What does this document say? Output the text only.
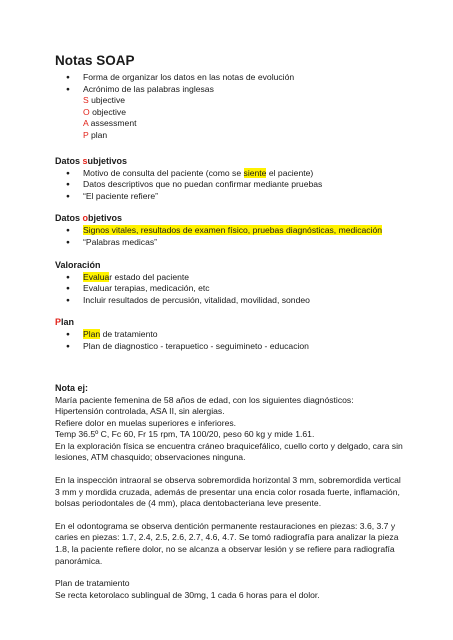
Notas SOAP
● Forma de organizar los datos en las notas de evolución
● Acrónimo de las palabras inglesas
S ubjective
O objective
A assessment
P plan
Datos subjetivos
● Motivo de consulta del paciente (como se siente el paciente)
● Datos descriptivos que no puedan confirmar mediante pruebas
● “El paciente refiere”
Datos objetivos
● Signos vitales, resultados de examen físico, pruebas diagnósticas, medicación
● “Palabras medicas”
Valoración
● Evaluar estado del paciente
● Evaluar terapias, medicación, etc
● Incluir resultados de percusión, vitalidad, movilidad, sondeo
Plan
● Plan de tratamiento
● Plan de diagnostico - terapuetico - seguimineto - educacion
Nota ej:

María paciente femenina de 58 años de edad, con los siguientes diagnósticos:

Hipertensión controlada, ASA II, sin alergias.

Refiere dolor en muelas superiores e inferiores.

Temp 36.5º C, Fc 60, Fr 15 rpm, TA 100/20, peso 60 kg y mide 1.61.

En la exploración física se encuentra cráneo braquicefálico, cuello corto y delgado, cara sin

lesiones, ATM chasquido; observaciones ninguna.

En la inspección intraoral se observa sobremordida horizontal 3 mm, sobremordida vertical

3 mm y mordida cruzada, además de presentar una encia color rosada fuerte, inflamación,

bolsas periodontales de (4 mm), placa dentobacteriana leve presente.

En el odontograma se observa dentición permanente restauraciones en piezas: 3.6, 3.7 y

caries en piezas: 1.7, 2.4, 2.5, 2.6, 2.7, 4.6, 4.7. Se tomó radiografía para analizar la pieza

1.8, la paciente refiere dolor, no se alcanza a observar lesión y se refiere para radiografía

panorámica.

Plan de tratamiento

Se recta ketorolaco sublingual de 30mg, 1 cada 6 horas para el dolor.
